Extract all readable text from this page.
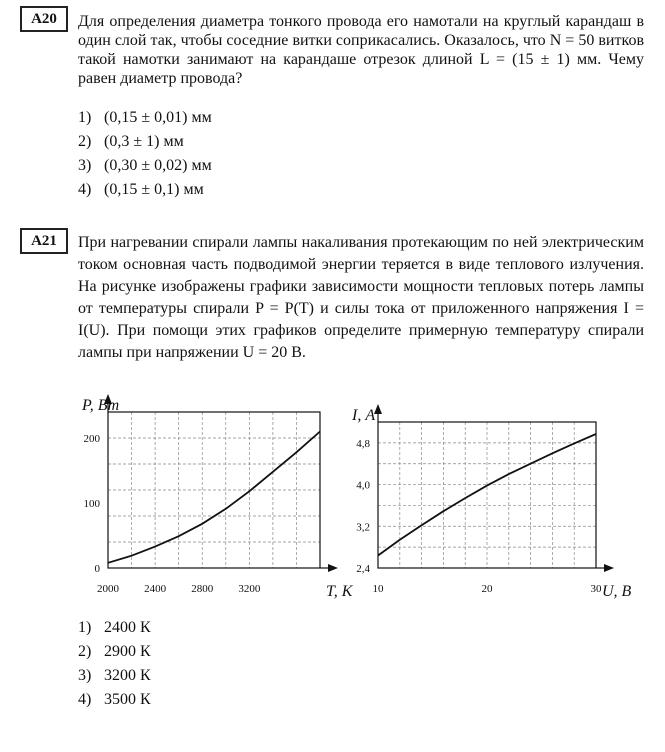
А20	Для определения диаметра тонкого провода его намотали на круглый карандаш в один слой так, чтобы соседние витки соприкасались. Оказалось, что N = 50 витков такой намотки занимают на карандаше отрезок длиной L = (15 ± 1) мм. Чему равен диаметр провода?

1) (0,15 ± 0,01) мм
2) (0,3 ± 1) мм
3) (0,30 ± 0,02) мм
4) (0,15 ± 0,1) мм
А21	При нагревании спирали лампы накаливания протекающим по ней электрическим током основная часть подводимой энергии теряется в виде теплового излучения. На рисунке изображены графики зависимости мощности тепловых потерь лампы от температуры спирали P = P(T) и силы тока от приложенного напряжения I = I(U). При помощи этих графиков определите примерную температуру спирали лампы при напряжении U = 20 В.

2000 2400 2800 3200
0
100
200
P, Вт
T, К 10	20	30
2,4
3,2
4,0
4,8
I, А
U, В
1) 2400 К
2) 2900 К
3) 3200 К
4) 3500 К
